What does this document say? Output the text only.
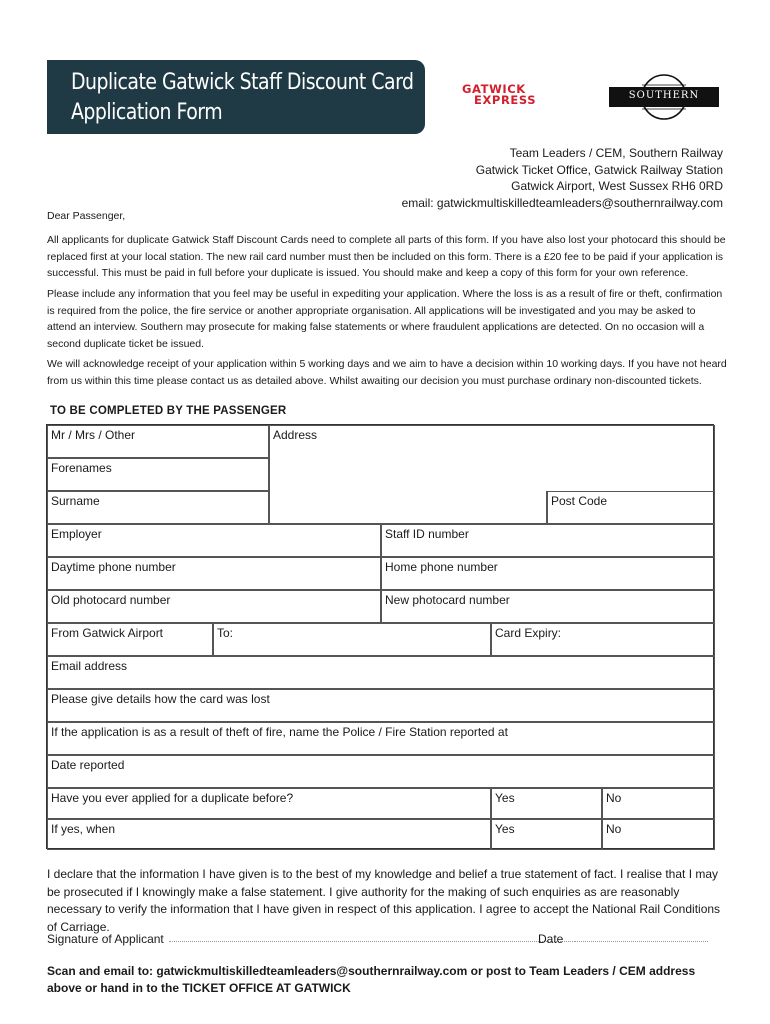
Duplicate Gatwick Staff Discount Card
Application Form
GATWICK
EXPRESS	SOUTHERN
Team Leaders / CEM, Southern Railway
Gatwick Ticket Office, Gatwick Railway Station
Gatwick Airport, West Sussex RH6 0RD
email: gatwickmultiskilledteamleaders@southernrailway.com

Dear Passenger,

All applicants for duplicate Gatwick Staff Discount Cards need to complete all parts of this form. If you have also lost your photocard this should be replaced first at your local station. The new rail card number must then be included on this form. There is a £20 fee to be paid if your application is successful. This must be paid in full before your duplicate is issued. You should make and keep a copy of this form for your own reference.

Please include any information that you feel may be useful in expediting your application. Where the loss is as a result of fire or theft, confirmation is required from the police, the fire service or another appropriate organisation. All applications will be investigated and you may be asked to attend an interview. Southern may prosecute for making false statements or where fraudulent applications are detected. On no occasion will a second duplicate ticket be issued.

We will acknowledge receipt of your application within 5 working days and we aim to have a decision within 10 working days. If you have not heard from us within this time please contact us as detailed above. Whilst awaiting our decision you must purchase ordinary non-discounted tickets.

TO BE COMPLETED BY THE PASSENGER
Mr / Mrs / Other	Address
Forenames
Surname	Post Code
Employer	Staff ID number
Daytime phone number	Home phone number
Old photocard number	New photocard number
From Gatwick Airport	To:	Card Expiry:
Email address
Please give details how the card was lost
If the application is as a result of theft of fire, name the Police / Fire Station reported at
Date reported
Have you ever applied for a duplicate before?	Yes	No
If yes, when	Yes	No

I declare that the information I have given is to the best of my knowledge and belief a true statement of fact. I realise that I may be prosecuted if I knowingly make a false statement. I give authority for the making of such enquiries as are reasonably necessary to verify the information that I have given in respect of this application. I agree to accept the National Rail Conditions of Carriage.

Signature of Applicant	Date

Scan and email to: gatwickmultiskilledteamleaders@southernrailway.com or post to Team Leaders / CEM address above or hand in to the TICKET OFFICE AT GATWICK
